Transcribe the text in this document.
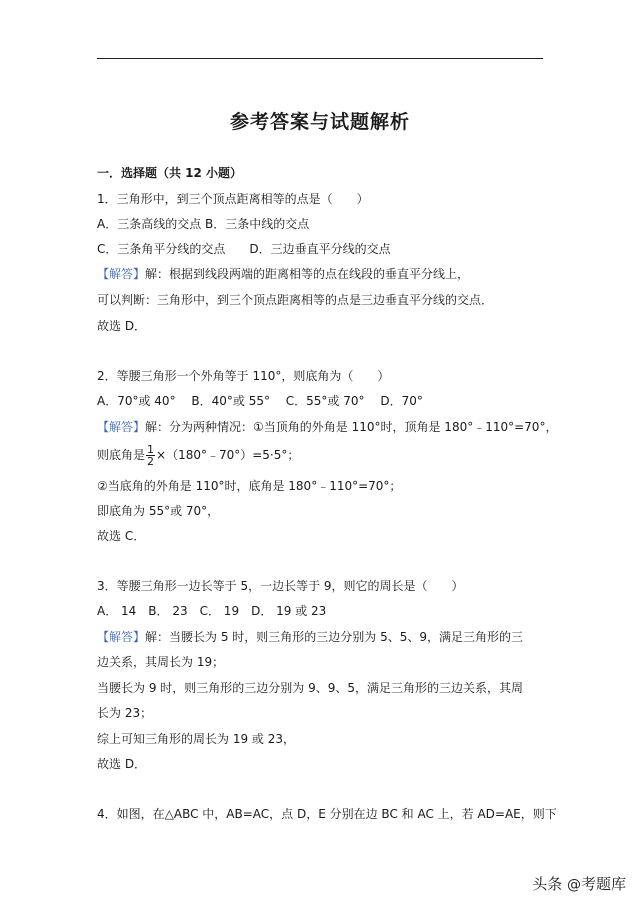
参考答案与试题解析
一．选择题（共 12 小题）
1．三角形中，到三个顶点距离相等的点是（　　）
A．三条高线的交点 B．三条中线的交点
C．三条角平分线的交点　　D．三边垂直平分线的交点
【解答】解：根据到线段两端的距离相等的点在线段的垂直平分线上，
可以判断：三角形中，到三个顶点距离相等的点是三边垂直平分线的交点．
故选 D．
2．等腰三角形一个外角等于 110°，则底角为（　　）
A．70°或 40°　 B．40°或 55°　 C．55°或 70°　 D．70°
【解答】解：分为两种情况：①当顶角的外角是 110°时，顶角是 180°﹣110°=70°，
则底角是 $\frac{1}{2}$ ×（180°﹣70°）=5·5°；
②当底角的外角是 110°时，底角是 180°﹣110°=70°；
即底角为 55°或 70°，
故选 C．
3．等腰三角形一边长等于 5，一边长等于 9，则它的周长是（　　）
A． 14　B． 23　C． 19　D． 19 或 23
【解答】解：当腰长为 5 时，则三角形的三边分别为 5、5、9，满足三角形的三
边关系，其周长为 19；
当腰长为 9 时，则三角形的三边分别为 9、9、5，满足三角形的三边关系，其周
长为 23；
综上可知三角形的周长为 19 或 23，
故选 D．
4．如图，在△ABC 中，AB=AC，点 D，E 分别在边 BC 和 AC 上，若 AD=AE，则下
头条 @考题库
